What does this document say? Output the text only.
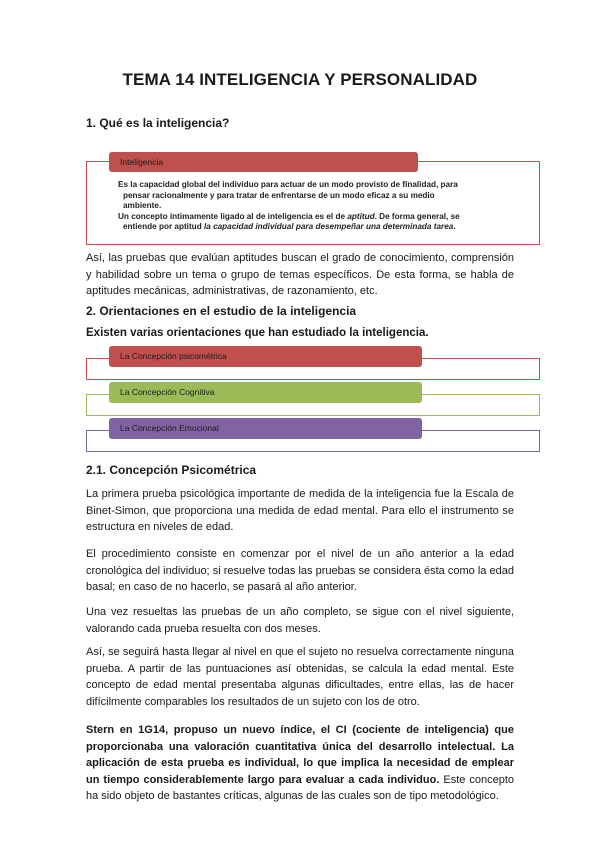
TEMA 14 INTELIGENCIA Y PERSONALIDAD
1. Qué es la inteligencia?
Inteligencia

Es la capacidad global del individuo para actuar de un modo provisto de finalidad, para

pensar racionalmente y para tratar de enfrentarse de un modo eficaz a su medio

ambiente.

Un concepto íntimamente ligado al de inteligencia es el de aptitud. De forma general, se

entiende por aptitud la capacidad individual para desempeñar una determinada tarea.

Así, las pruebas que evalúan aptitudes buscan el grado de conocimiento, comprensión y habilidad sobre un tema o grupo de temas específicos. De esta forma, se habla de aptitudes mecánicas, administrativas, de razonamiento, etc.
2. Orientaciones en el estudio de la inteligencia
Existen varias orientaciones que han estudiado la inteligencia.
La Concepción psicométrica
La Concepción Cognitiva
La Concepción Emocional
2.1. Concepción Psicométrica
La primera prueba psicológica importante de medida de la inteligencia fue la Escala de Binet-Simon, que proporciona una medida de edad mental. Para ello el instrumento se estructura en niveles de edad.
El procedimiento consiste en comenzar por el nivel de un año anterior a la edad cronológica del individuo; si resuelve todas las pruebas se considera ésta como la edad basal; en caso de no hacerlo, se pasará al año anterior.
Una vez resueltas las pruebas de un año completo, se sigue con el nivel siguiente, valorando cada prueba resuelta con dos meses.
Así, se seguirá hasta llegar al nivel en que el sujeto no resuelva correctamente ninguna prueba. A partir de las puntuaciones así obtenidas, se calcula la edad mental. Este concepto de edad mental presentaba algunas dificultades, entre ellas, las de hacer difícilmente comparables los resultados de un sujeto con los de otro.
Stern en 1G14, propuso un nuevo índice, el CI (cociente de inteligencia) que proporcionaba una valoración cuantitativa única del desarrollo intelectual. La aplicación de esta prueba es individual, lo que implica la necesidad de emplear un tiempo considerablemente largo para evaluar a cada individuo. Este concepto ha sido objeto de bastantes críticas, algunas de las cuales son de tipo metodológico.
